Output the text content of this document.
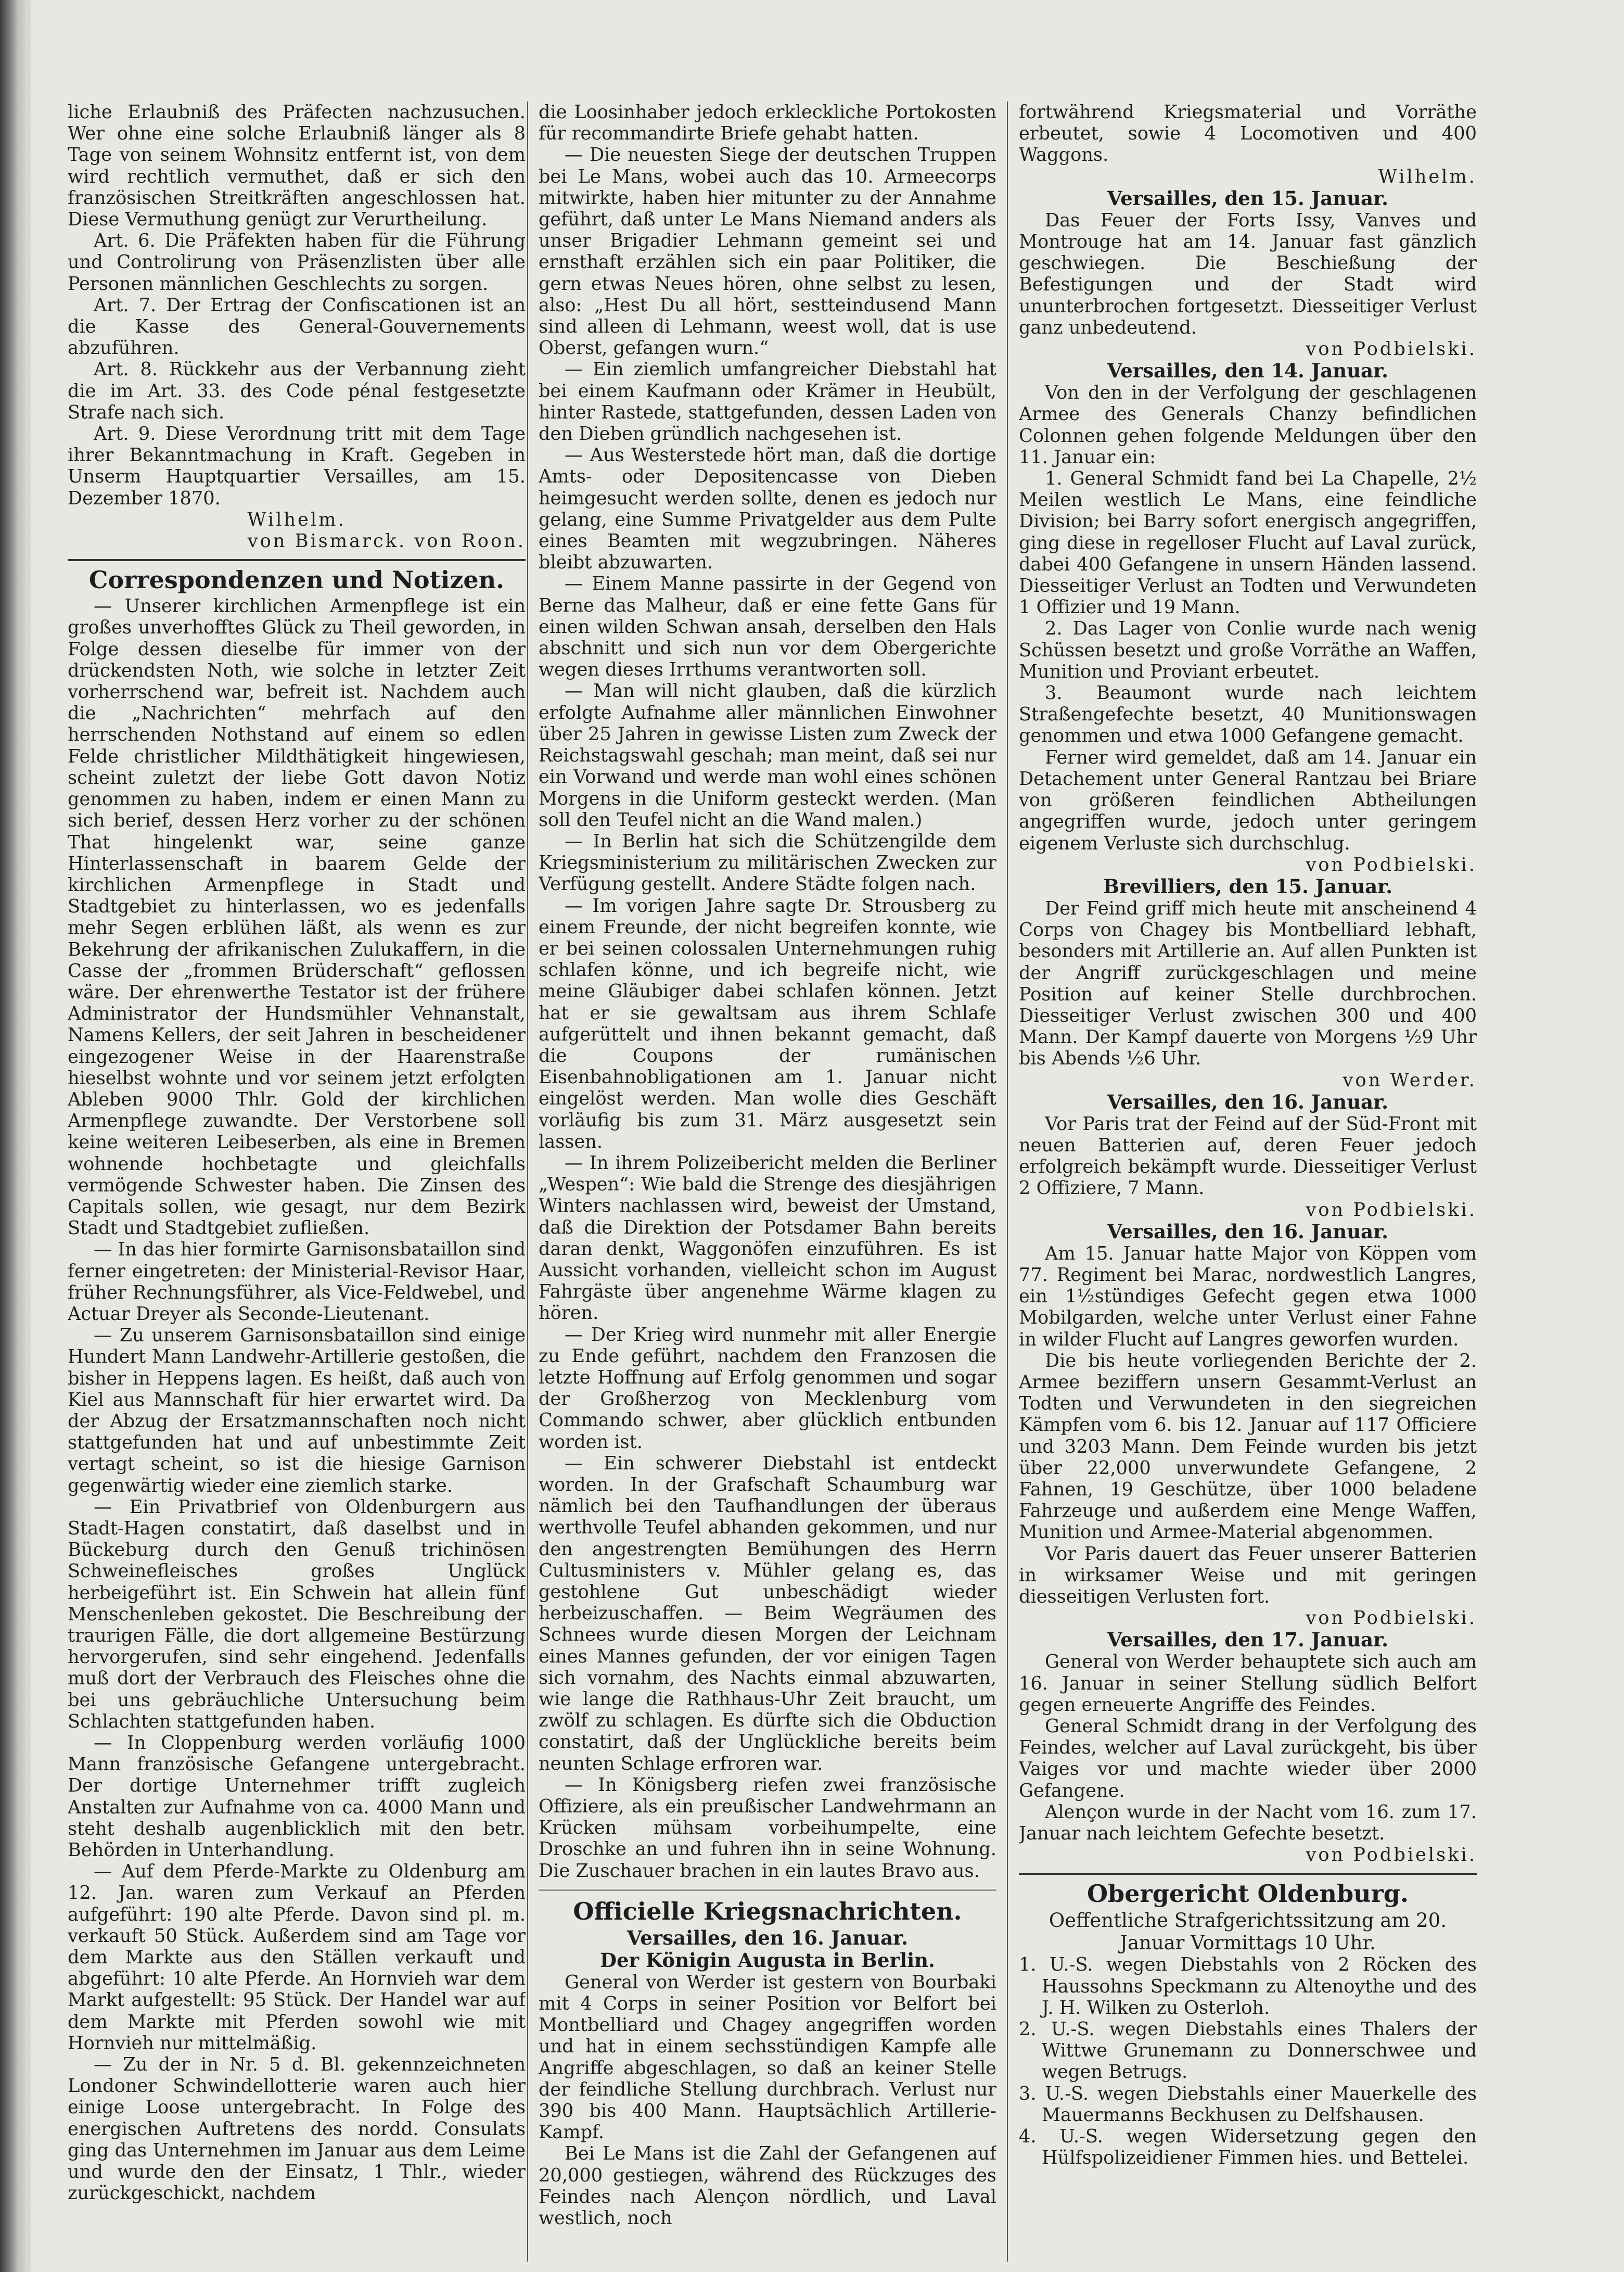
liche Erlaubniß des Präfecten nachzusuchen. Wer ohne eine solche Erlaubniß länger als 8 Tage von seinem Wohnsitz entfernt ist, von dem wird rechtlich vermuthet, daß er sich den französischen Streitkräften angeschlossen hat. Diese Vermuthung genügt zur Verurtheilung.

Art. 6. Die Präfekten haben für die Führung und Controlirung von Präsenzlisten über alle Personen männlichen Geschlechts zu sorgen.

Art. 7. Der Ertrag der Confiscationen ist an die Kasse des General-Gouvernements abzuführen.

Art. 8. Rückkehr aus der Verbannung zieht die im Art. 33. des Code pénal festgesetzte Strafe nach sich.

Art. 9. Diese Verordnung tritt mit dem Tage ihrer Bekanntmachung in Kraft. Gegeben in Unserm Hauptquartier Versailles, am 15. Dezember 1870.

Wilhelm.
von Bismarck. von Roon.
Correspondenzen und Notizen.

— Unserer kirchlichen Armenpflege ist ein großes unverhofftes Glück zu Theil geworden, in Folge dessen dieselbe für immer von der drückendsten Noth, wie solche in letzter Zeit vorherrschend war, befreit ist. Nachdem auch die „Nachrichten“ mehrfach auf den herrschenden Nothstand auf einem so edlen Felde christlicher Mildthätigkeit hingewiesen, scheint zuletzt der liebe Gott davon Notiz genommen zu haben, indem er einen Mann zu sich berief, dessen Herz vorher zu der schönen That hingelenkt war, seine ganze Hinterlassenschaft in baarem Gelde der kirchlichen Armenpflege in Stadt und Stadtgebiet zu hinterlassen, wo es jedenfalls mehr Segen erblühen läßt, als wenn es zur Bekehrung der afrikanischen Zulukaffern, in die Casse der „frommen Brüderschaft“ geflossen wäre. Der ehrenwerthe Testator ist der frühere Administrator der Hundsmühler Vehnanstalt, Namens Kellers, der seit Jahren in bescheidener eingezogener Weise in der Haarenstraße hieselbst wohnte und vor seinem jetzt erfolgten Ableben 9000 Thlr. Gold der kirchlichen Armenpflege zuwandte. Der Verstorbene soll keine weiteren Leibeserben, als eine in Bremen wohnende hochbetagte und gleichfalls vermögende Schwester haben. Die Zinsen des Capitals sollen, wie gesagt, nur dem Bezirk Stadt und Stadtgebiet zufließen.

— In das hier formirte Garnisonsbataillon sind ferner eingetreten: der Ministerial-Revisor Haar, früher Rechnungsführer, als Vice-Feldwebel, und Actuar Dreyer als Seconde-Lieutenant.

— Zu unserem Garnisonsbataillon sind einige Hundert Mann Landwehr-Artillerie gestoßen, die bisher in Heppens lagen. Es heißt, daß auch von Kiel aus Mannschaft für hier erwartet wird. Da der Abzug der Ersatzmannschaften noch nicht stattgefunden hat und auf unbestimmte Zeit vertagt scheint, so ist die hiesige Garnison gegenwärtig wieder eine ziemlich starke.

— Ein Privatbrief von Oldenburgern aus Stadt-Hagen constatirt, daß daselbst und in Bückeburg durch den Genuß trichinösen Schweinefleisches großes Unglück herbeigeführt ist. Ein Schwein hat allein fünf Menschenleben gekostet. Die Beschreibung der traurigen Fälle, die dort allgemeine Bestürzung hervorgerufen, sind sehr eingehend. Jedenfalls muß dort der Verbrauch des Fleisches ohne die bei uns gebräuchliche Untersuchung beim Schlachten stattgefunden haben.

— In Cloppenburg werden vorläufig 1000 Mann französische Gefangene untergebracht. Der dortige Unternehmer trifft zugleich Anstalten zur Aufnahme von ca. 4000 Mann und steht deshalb augenblicklich mit den betr. Behörden in Unterhandlung.

— Auf dem Pferde-Markte zu Oldenburg am 12. Jan. waren zum Verkauf an Pferden aufgeführt: 190 alte Pferde. Davon sind pl. m. verkauft 50 Stück. Außerdem sind am Tage vor dem Markte aus den Ställen verkauft und abgeführt: 10 alte Pferde. An Hornvieh war dem Markt aufgestellt: 95 Stück. Der Handel war auf dem Markte mit Pferden sowohl wie mit Hornvieh nur mittelmäßig.

— Zu der in Nr. 5 d. Bl. gekennzeichneten Londoner Schwindellotterie waren auch hier einige Loose untergebracht. In Folge des energischen Auftretens des nordd. Consulats ging das Unternehmen im Januar aus dem Leime und wurde den der Einsatz, 1 Thlr., wieder zurückgeschickt, nachdem

die Loosinhaber jedoch erkleckliche Portokosten für recommandirte Briefe gehabt hatten.

— Die neuesten Siege der deutschen Truppen bei Le Mans, wobei auch das 10. Armeecorps mitwirkte, haben hier mitunter zu der Annahme geführt, daß unter Le Mans Niemand anders als unser Brigadier Lehmann gemeint sei und ernsthaft erzählen sich ein paar Politiker, die gern etwas Neues hören, ohne selbst zu lesen, also: „Hest Du all hört, sestteindusend Mann sind alleen di Lehmann, weest woll, dat is use Oberst, gefangen wurn.“

— Ein ziemlich umfangreicher Diebstahl hat bei einem Kaufmann oder Krämer in Heubült, hinter Rastede, stattgefunden, dessen Laden von den Dieben gründlich nachgesehen ist.

— Aus Westerstede hört man, daß die dortige Amts- oder Depositencasse von Dieben heimgesucht werden sollte, denen es jedoch nur gelang, eine Summe Privatgelder aus dem Pulte eines Beamten mit wegzubringen. Näheres bleibt abzuwarten.

— Einem Manne passirte in der Gegend von Berne das Malheur, daß er eine fette Gans für einen wilden Schwan ansah, derselben den Hals abschnitt und sich nun vor dem Obergerichte wegen dieses Irrthums verantworten soll.

— Man will nicht glauben, daß die kürzlich erfolgte Aufnahme aller männlichen Einwohner über 25 Jahren in gewisse Listen zum Zweck der Reichstagswahl geschah; man meint, daß sei nur ein Vorwand und werde man wohl eines schönen Morgens in die Uniform gesteckt werden. (Man soll den Teufel nicht an die Wand malen.)

— In Berlin hat sich die Schützengilde dem Kriegsministerium zu militärischen Zwecken zur Verfügung gestellt. Andere Städte folgen nach.

— Im vorigen Jahre sagte Dr. Strousberg zu einem Freunde, der nicht begreifen konnte, wie er bei seinen colossalen Unternehmungen ruhig schlafen könne, und ich begreife nicht, wie meine Gläubiger dabei schlafen können. Jetzt hat er sie gewaltsam aus ihrem Schlafe aufgerüttelt und ihnen bekannt gemacht, daß die Coupons der rumänischen Eisenbahnobligationen am 1. Januar nicht eingelöst werden. Man wolle dies Geschäft vorläufig bis zum 31. März ausgesetzt sein lassen.

— In ihrem Polizeibericht melden die Berliner „Wespen“: Wie bald die Strenge des diesjährigen Winters nachlassen wird, beweist der Umstand, daß die Direktion der Potsdamer Bahn bereits daran denkt, Waggonöfen einzuführen. Es ist Aussicht vorhanden, vielleicht schon im August Fahrgäste über angenehme Wärme klagen zu hören.

— Der Krieg wird nunmehr mit aller Energie zu Ende geführt, nachdem den Franzosen die letzte Hoffnung auf Erfolg genommen und sogar der Großherzog von Mecklenburg vom Commando schwer, aber glücklich entbunden worden ist.

— Ein schwerer Diebstahl ist entdeckt worden. In der Grafschaft Schaumburg war nämlich bei den Taufhandlungen der überaus werthvolle Teufel abhanden gekommen, und nur den angestrengten Bemühungen des Herrn Cultusministers v. Mühler gelang es, das gestohlene Gut unbeschädigt wieder herbeizuschaffen. — Beim Wegräumen des Schnees wurde diesen Morgen der Leichnam eines Mannes gefunden, der vor einigen Tagen sich vornahm, des Nachts einmal abzuwarten, wie lange die Rathhaus-Uhr Zeit braucht, um zwölf zu schlagen. Es dürfte sich die Obduction constatirt, daß der Unglückliche bereits beim neunten Schlage erfroren war.

— In Königsberg riefen zwei französische Offiziere, als ein preußischer Landwehrmann an Krücken mühsam vorbeihumpelte, eine Droschke an und fuhren ihn in seine Wohnung. Die Zuschauer brachen in ein lautes Bravo aus.

Officielle Kriegsnachrichten.
Versailles, den 16. Januar.
Der Königin Augusta in Berlin.

General von Werder ist gestern von Bourbaki mit 4 Corps in seiner Position vor Belfort bei Montbelliard und Chagey angegriffen worden und hat in einem sechsstündigen Kampfe alle Angriffe abgeschlagen, so daß an keiner Stelle der feindliche Stellung durchbrach. Verlust nur 390 bis 400 Mann. Hauptsächlich Artillerie-Kampf.

Bei Le Mans ist die Zahl der Gefangenen auf 20,000 gestiegen, während des Rückzuges des Feindes nach Alençon nördlich, und Laval westlich, noch

fortwährend Kriegsmaterial und Vorräthe erbeutet, sowie 4 Locomotiven und 400 Waggons.

Wilhelm.
Versailles, den 15. Januar.

Das Feuer der Forts Issy, Vanves und Montrouge hat am 14. Januar fast gänzlich geschwiegen. Die Beschießung der Befestigungen und der Stadt wird ununterbrochen fortgesetzt. Diesseitiger Verlust ganz unbedeutend.

von Podbielski.
Versailles, den 14. Januar.

Von den in der Verfolgung der geschlagenen Armee des Generals Chanzy befindlichen Colonnen gehen folgende Meldungen über den 11. Januar ein:

1. General Schmidt fand bei La Chapelle, 2½ Meilen westlich Le Mans, eine feindliche Division; bei Barry sofort energisch angegriffen, ging diese in regelloser Flucht auf Laval zurück, dabei 400 Gefangene in unsern Händen lassend. Diesseitiger Verlust an Todten und Verwundeten 1 Offizier und 19 Mann.

2. Das Lager von Conlie wurde nach wenig Schüssen besetzt und große Vorräthe an Waffen, Munition und Proviant erbeutet.

3. Beaumont wurde nach leichtem Straßengefechte besetzt, 40 Munitionswagen genommen und etwa 1000 Gefangene gemacht.

Ferner wird gemeldet, daß am 14. Januar ein Detachement unter General Rantzau bei Briare von größeren feindlichen Abtheilungen angegriffen wurde, jedoch unter geringem eigenem Verluste sich durchschlug.

von Podbielski.
Brevilliers, den 15. Januar.

Der Feind griff mich heute mit anscheinend 4 Corps von Chagey bis Montbelliard lebhaft, besonders mit Artillerie an. Auf allen Punkten ist der Angriff zurückgeschlagen und meine Position auf keiner Stelle durchbrochen. Diesseitiger Verlust zwischen 300 und 400 Mann. Der Kampf dauerte von Morgens ½9 Uhr bis Abends ½6 Uhr.

von Werder.
Versailles, den 16. Januar.

Vor Paris trat der Feind auf der Süd-Front mit neuen Batterien auf, deren Feuer jedoch erfolgreich bekämpft wurde. Diesseitiger Verlust 2 Offiziere, 7 Mann.

von Podbielski.
Versailles, den 16. Januar.

Am 15. Januar hatte Major von Köppen vom 77. Regiment bei Marac, nordwestlich Langres, ein 1½stündiges Gefecht gegen etwa 1000 Mobilgarden, welche unter Verlust einer Fahne in wilder Flucht auf Langres geworfen wurden.

Die bis heute vorliegenden Berichte der 2. Armee beziffern unsern Gesammt-Verlust an Todten und Verwundeten in den siegreichen Kämpfen vom 6. bis 12. Januar auf 117 Officiere und 3203 Mann. Dem Feinde wurden bis jetzt über 22,000 unverwundete Gefangene, 2 Fahnen, 19 Geschütze, über 1000 beladene Fahrzeuge und außerdem eine Menge Waffen, Munition und Armee-Material abgenommen.

Vor Paris dauert das Feuer unserer Batterien in wirksamer Weise und mit geringen diesseitigen Verlusten fort.

von Podbielski.
Versailles, den 17. Januar.

General von Werder behauptete sich auch am 16. Januar in seiner Stellung südlich Belfort gegen erneuerte Angriffe des Feindes.

General Schmidt drang in der Verfolgung des Feindes, welcher auf Laval zurückgeht, bis über Vaiges vor und machte wieder über 2000 Gefangene.

Alençon wurde in der Nacht vom 16. zum 17. Januar nach leichtem Gefechte besetzt.

von Podbielski.
Obergericht Oldenburg.
Oeffentliche Strafgerichtssitzung am 20. Januar Vormittags 10 Uhr.

1. U.-S. wegen Diebstahls von 2 Röcken des Haussohns Speckmann zu Altenoythe und des J. H. Wilken zu Osterloh.

2. U.-S. wegen Diebstahls eines Thalers der Wittwe Grunemann zu Donnerschwee und wegen Betrugs.

3. U.-S. wegen Diebstahls einer Mauerkelle des Mauermanns Beckhusen zu Delfshausen.

4. U.-S. wegen Widersetzung gegen den Hülfspolizeidiener Fimmen hies. und Bettelei.
